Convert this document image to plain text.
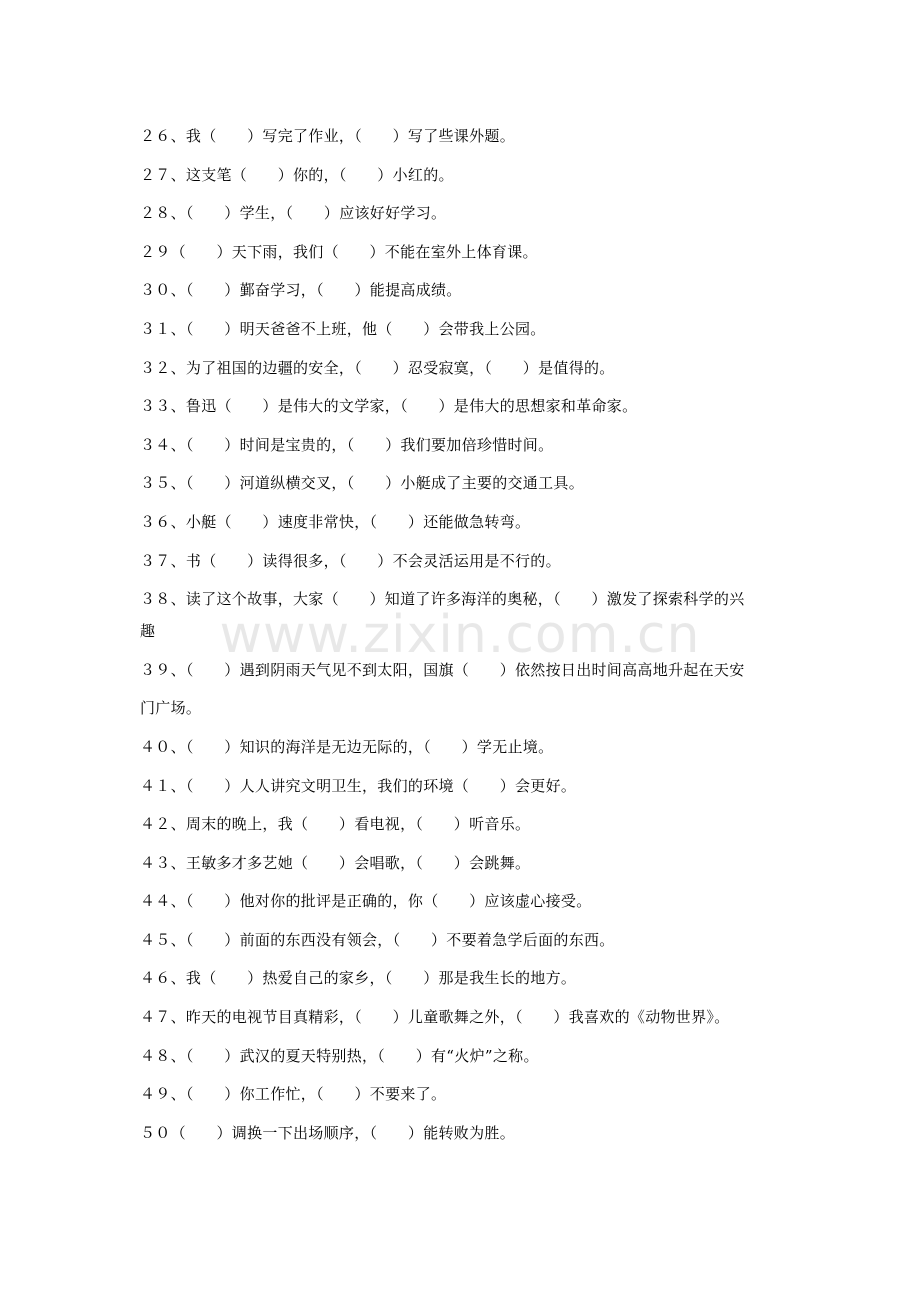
www.zixin.com.cn
２６、我（　　）写完了作业，（　　）写了些课外题。
２７、这支笔（　　）你的，（　　）小红的。
２８、（　　）学生，（　　）应该好好学习。
２９（　　）天下雨，我们（　　）不能在室外上体育课。
３０、（　　）鄞奋学习，（　　）能提高成绩。
３１、（　　）明天爸爸不上班，他（　　）会带我上公园。
３２、为了祖国的边疆的安全，（　　）忍受寂寞，（　　）是值得的。
３３、鲁迅（　　）是伟大的文学家，（　　）是伟大的思想家和革命家。
３４、（　　）时间是宝贵的，（　　）我们要加倍珍惜时间。
３５、（　　）河道纵横交叉，（　　）小艇成了主要的交通工具。
３６、小艇（　　）速度非常快，（　　）还能做急转弯。
３７、书（　　）读得很多，（　　）不会灵活运用是不行的。
３８、读了这个故事，大家（　　）知道了许多海洋的奥秘，（　　）激发了探索科学的兴
趣
３９、（　　）遇到阴雨天气见不到太阳，国旗（　　）依然按日出时间高高地升起在天安
门广场。
４０、（　　）知识的海洋是无边无际的，（　　）学无止境。
４１、（　　）人人讲究文明卫生，我们的环境（　　）会更好。
４２、周末的晚上，我（　　）看电视，（　　）听音乐。
４３、王敏多才多艺她（　　）会唱歌，（　　）会跳舞。
４４、（　　）他对你的批评是正确的，你（　　）应该虚心接受。
４５、（　　）前面的东西没有领会，（　　）不要着急学后面的东西。
４６、我（　　）热爱自己的家乡，（　　）那是我生长的地方。
４７、昨天的电视节目真精彩，（　　）儿童歌舞之外，（　　）我喜欢的《动物世界》。
４８、（　　）武汉的夏天特别热，（　　）有“火炉”之称。
４９、（　　）你工作忙，（　　）不要来了。
５０（　　）调换一下出场顺序，（　　）能转败为胜。
